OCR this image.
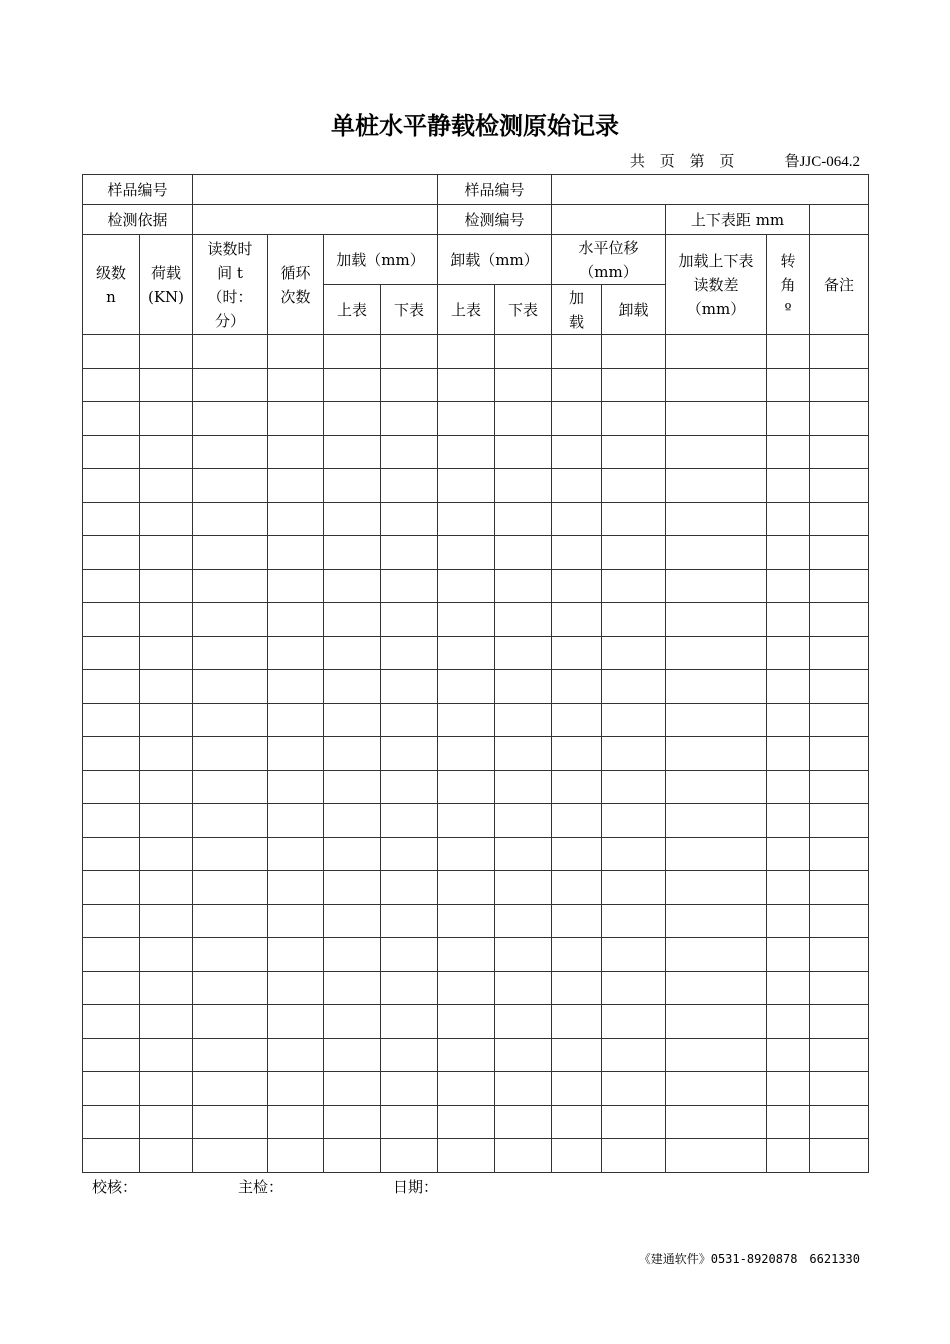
单桩水平静载检测原始记录
共 页 第 页	鲁JJC-064.2
样品编号						样品编号						
检测依据						检测编号				上下表距 mm		
级数 n	荷载 (KN)	读数时间 t（时：分）	循环次数	加载（mm）		卸载（mm）		水平位移（mm）		加载上下表读数差（mm）	转角 º	备注
				上表	下表	上表	下表	加载	卸载			

校核：	主检：	日期：
《建通软件》0531-8920878　6621330
